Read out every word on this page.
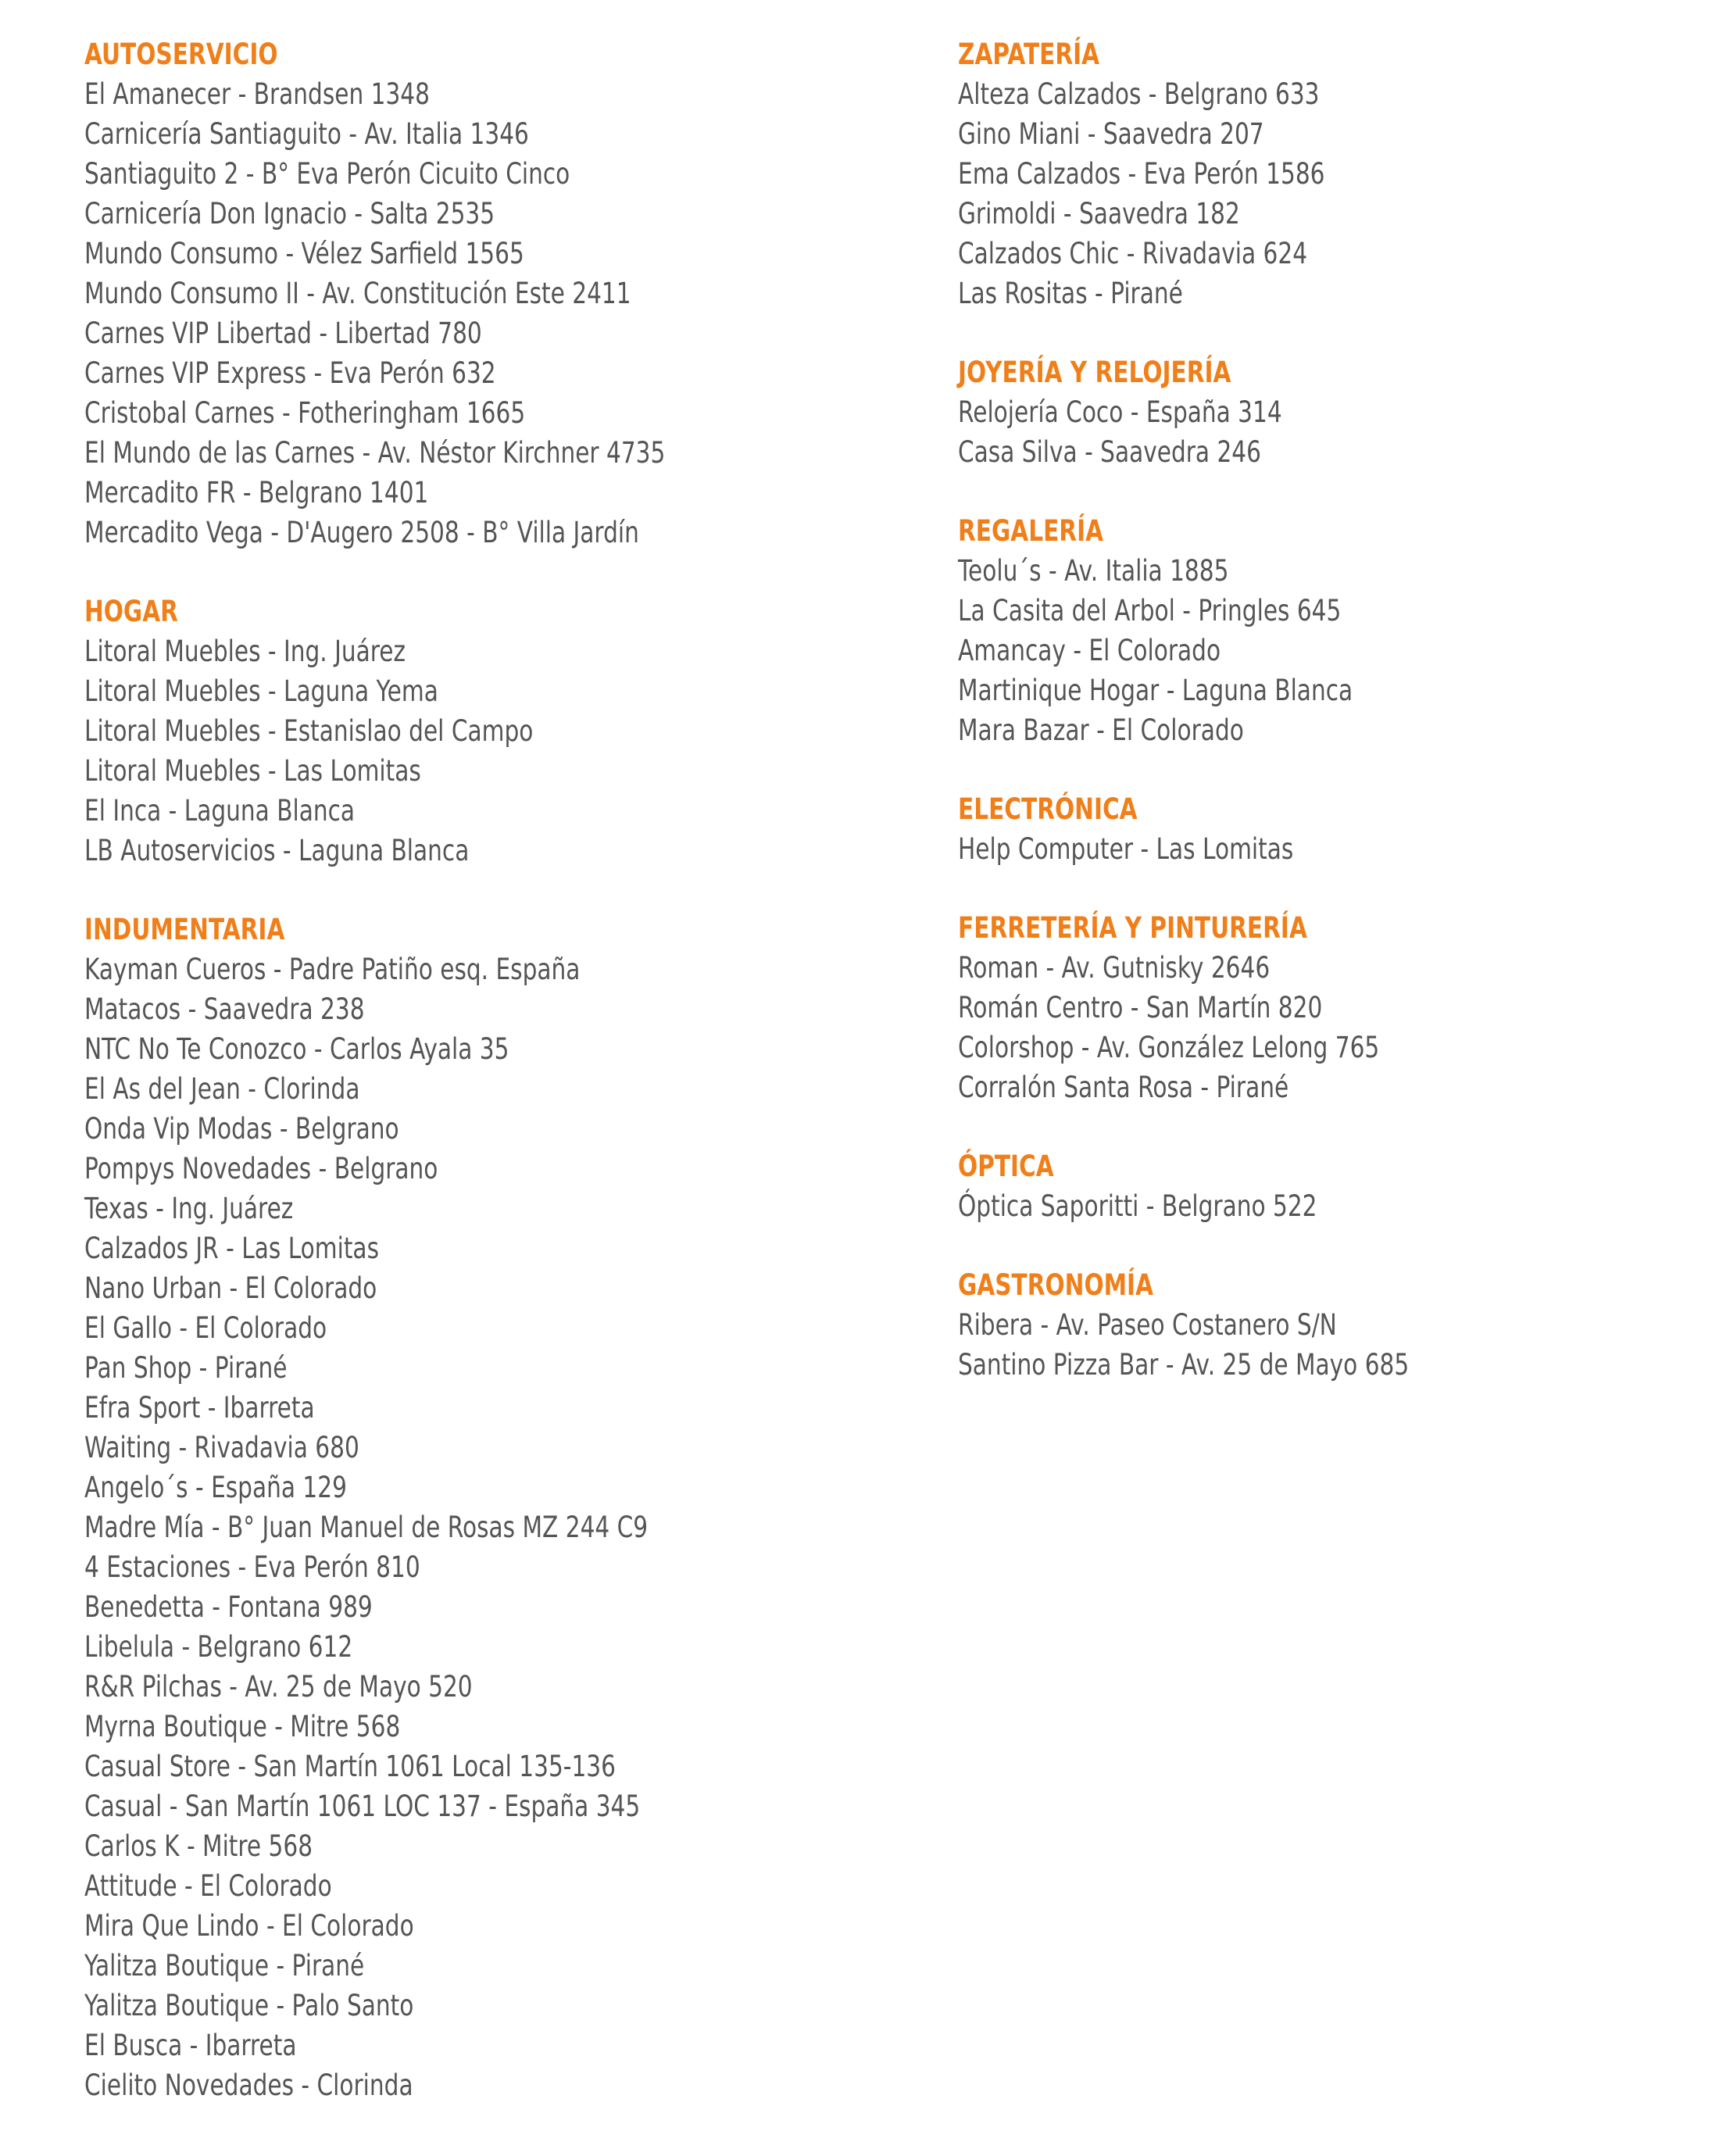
AUTOSERVICIO
El Amanecer - Brandsen 1348
Carnicería Santiaguito - Av. Italia 1346
Santiaguito 2 - B° Eva Perón Cicuito Cinco
Carnicería Don Ignacio - Salta 2535
Mundo Consumo - Vélez Sarfield 1565
Mundo Consumo II - Av. Constitución Este 2411
Carnes VIP Libertad - Libertad 780
Carnes VIP Express - Eva Perón 632
Cristobal Carnes - Fotheringham 1665
El Mundo de las Carnes - Av. Néstor Kirchner 4735
Mercadito FR - Belgrano 1401
Mercadito Vega - D'Augero 2508 - B° Villa Jardín
HOGAR
Litoral Muebles - Ing. Juárez
Litoral Muebles - Laguna Yema
Litoral Muebles - Estanislao del Campo
Litoral Muebles - Las Lomitas
El Inca - Laguna Blanca
LB Autoservicios - Laguna Blanca
INDUMENTARIA
Kayman Cueros - Padre Patiño esq. España
Matacos - Saavedra 238
NTC No Te Conozco - Carlos Ayala 35
El As del Jean - Clorinda
Onda Vip Modas - Belgrano
Pompys Novedades - Belgrano
Texas - Ing. Juárez
Calzados JR - Las Lomitas
Nano Urban - El Colorado
El Gallo - El Colorado
Pan Shop - Pirané
Efra Sport - Ibarreta
Waiting - Rivadavia 680
Angelo´s - España 129
Madre Mía - B° Juan Manuel de Rosas MZ 244 C9
4 Estaciones - Eva Perón 810
Benedetta - Fontana 989
Libelula - Belgrano 612
R&R Pilchas - Av. 25 de Mayo 520
Myrna Boutique - Mitre 568
Casual Store - San Martín 1061 Local 135-136
Casual - San Martín 1061 LOC 137 - España 345
Carlos K - Mitre 568
Attitude - El Colorado
Mira Que Lindo - El Colorado
Yalitza Boutique - Pirané
Yalitza Boutique - Palo Santo
El Busca - Ibarreta
Cielito Novedades - Clorinda
ZAPATERÍA
Alteza Calzados - Belgrano 633
Gino Miani - Saavedra 207
Ema Calzados - Eva Perón 1586
Grimoldi - Saavedra 182
Calzados Chic - Rivadavia 624
Las Rositas - Pirané
JOYERÍA Y RELOJERÍA
Relojería Coco - España 314
Casa Silva - Saavedra 246
REGALERÍA
Teolu´s - Av. Italia 1885
La Casita del Arbol - Pringles 645
Amancay - El Colorado
Martinique Hogar - Laguna Blanca
Mara Bazar - El Colorado
ELECTRÓNICA
Help Computer - Las Lomitas
FERRETERÍA Y PINTURERÍA
Roman - Av. Gutnisky 2646
Román Centro - San Martín 820
Colorshop - Av. González Lelong 765
Corralón Santa Rosa - Pirané
ÓPTICA
Óptica Saporitti - Belgrano 522
GASTRONOMÍA
Ribera - Av. Paseo Costanero S/N
Santino Pizza Bar - Av. 25 de Mayo 685
